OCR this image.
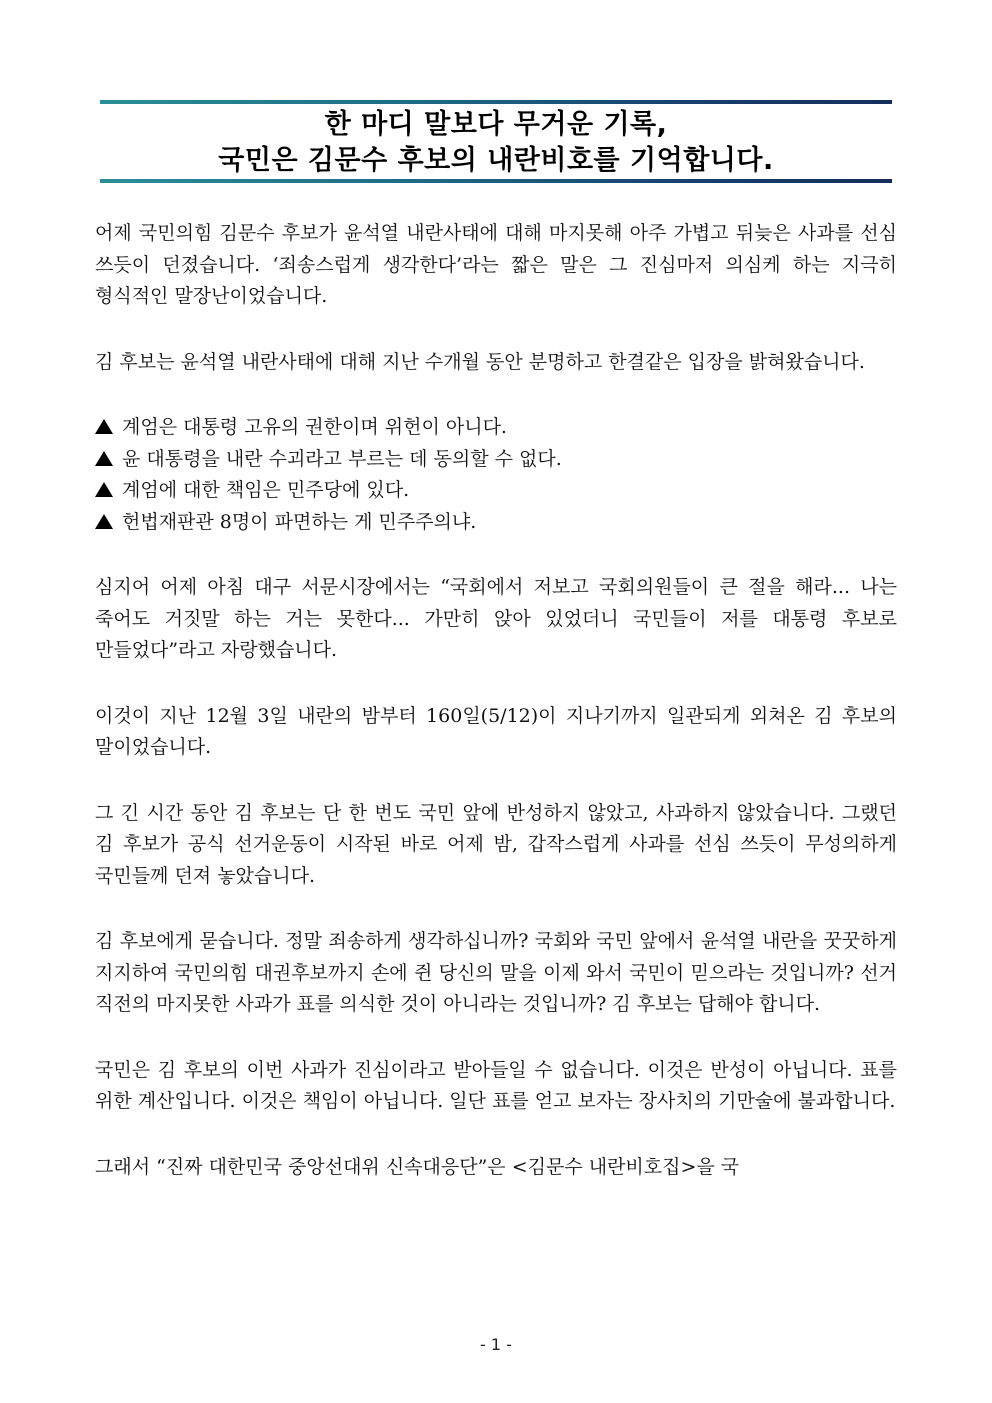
한 마디 말보다 무거운 기록,
국민은 김문수 후보의 내란비호를 기억합니다.

어제 국민의힘 김문수 후보가 윤석열 내란사태에 대해 마지못해 아주 가볍고 뒤늦은 사과를 선심 쓰듯이 던졌습니다. ‘죄송스럽게 생각한다’라는 짧은 말은 그 진심마저 의심케 하는 지극히 형식적인 말장난이었습니다.

김 후보는 윤석열 내란사태에 대해 지난 수개월 동안 분명하고 한결같은 입장을 밝혀왔습니다.

계엄은 대통령 고유의 권한이며 위헌이 아니다.
윤 대통령을 내란 수괴라고 부르는 데 동의할 수 없다.
계엄에 대한 책임은 민주당에 있다.
헌법재판관 8명이 파면하는 게 민주주의냐.

심지어 어제 아침 대구 서문시장에서는 “국회에서 저보고 국회의원들이 큰 절을 해라... 나는 죽어도 거짓말 하는 거는 못한다... 가만히 앉아 있었더니 국민들이 저를 대통령 후보로 만들었다”라고 자랑했습니다.

이것이 지난 12월 3일 내란의 밤부터 160일(5/12)이 지나기까지 일관되게 외쳐온 김 후보의 말이었습니다.

그 긴 시간 동안 김 후보는 단 한 번도 국민 앞에 반성하지 않았고, 사과하지 않았습니다. 그랬던 김 후보가 공식 선거운동이 시작된 바로 어제 밤, 갑작스럽게 사과를 선심 쓰듯이 무성의하게 국민들께 던져 놓았습니다.

김 후보에게 묻습니다. 정말 죄송하게 생각하십니까? 국회와 국민 앞에서 윤석열 내란을 꿋꿋하게 지지하여 국민의힘 대권후보까지 손에 쥔 당신의 말을 이제 와서 국민이 믿으라는 것입니까? 선거 직전의 마지못한 사과가 표를 의식한 것이 아니라는 것입니까? 김 후보는 답해야 합니다.

국민은 김 후보의 이번 사과가 진심이라고 받아들일 수 없습니다. 이것은 반성이 아닙니다. 표를 위한 계산입니다. 이것은 책임이 아닙니다. 일단 표를 얻고 보자는 장사치의 기만술에 불과합니다.

그래서 “진짜 대한민국 중앙선대위 신속대응단”은 <김문수 내란비호집>을 국

- 1 -
